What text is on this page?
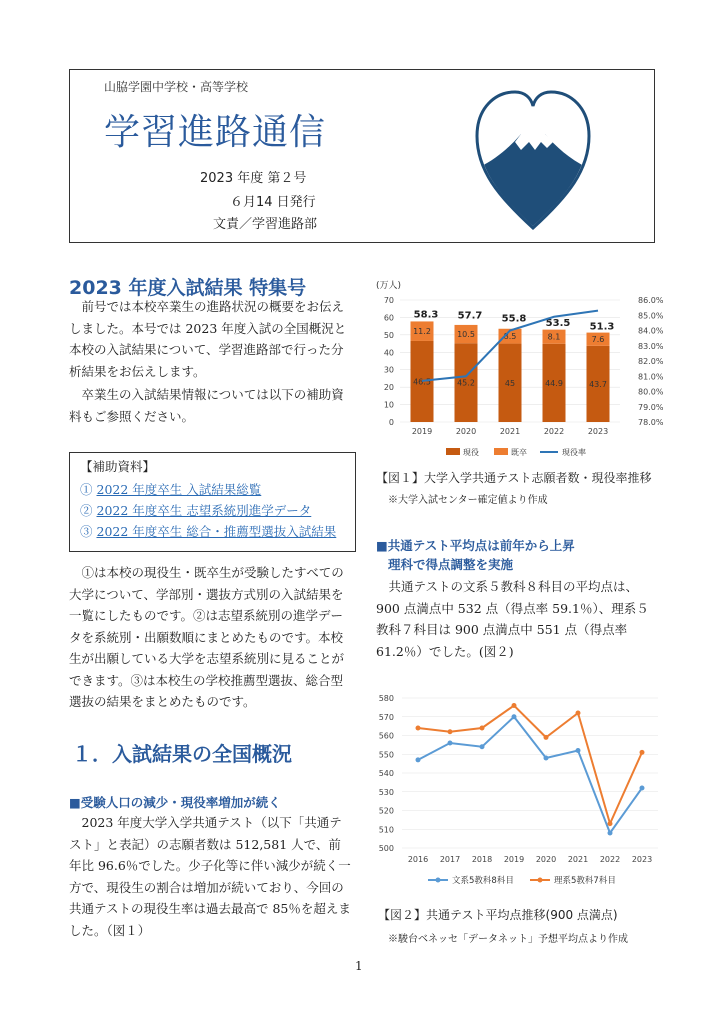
山脇学園中学校・高等学校
学習進路通信
2023 年度 第２号
６月14 日発行
文責／学習進路部
2023 年度入試結果 特集号

前号では本校卒業生の進路状況の概要をお伝えしました。本号では 2023 年度入試の全国概況と本校の入試結果について、学習進路部で行った分析結果をお伝えします。

卒業生の入試結果情報については以下の補助資料もご参照ください。

【補助資料】
① 2022 年度卒生 入試結果総覧
② 2022 年度卒生 志望系統別進学データ
③ 2022 年度卒生 総合・推薦型選抜入試結果

①は本校の現役生・既卒生が受験したすべての大学について、学部別・選抜方式別の入試結果を一覧にしたものです。②は志望系統別の進学データを系統別・出願数順にまとめたものです。本校生が出願している大学を志望系統別に見ることができます。③は本校生の学校推薦型選抜、総合型選抜の結果をまとめたものです。

１．入試結果の全国概況
■受験人口の減少・現役率増加が続く

2023 年度大学入学共通テスト（以下「共通テスト」と表記）の志願者数は 512,581 人で、前年比 96.6％でした。少子化等に伴い減少が続く一方で、現役生の割合は増加が続いており、今回の共通テストの現役生率は過去最高で 85％を超えました。（図１）

(万人)
0
10
20
30
40
50
60
70
78.0%
79.0%
80.0%
81.0%
82.0%
83.0%
84.0%
85.0%
86.0%
46.5
11.2
58.3
2019
45.2
10.5
57.7
2020
45
8.5
55.8
2021
44.9
8.1
53.5
2022
43.7
7.6
51.3
2023
現役	既卒	現役率
【図１】大学入学共通テスト志願者数・現役率推移
※大学入試センター確定値より作成
■共通テスト平均点は前年から上昇
理科で得点調整を実施

共通テストの文系５教科８科目の平均点は、900 点満点中 532 点（得点率 59.1％）、理系５教科７科目は 900 点満点中 551 点（得点率 61.2％）でした。(図２)

500
510
520
530
540
550
560
570
580
2016 2017 2018 2019 2020 2021 2022 2023
文系5教科8科目	理系5教科7科目
【図２】共通テスト平均点推移(900 点満点)
※駿台ベネッセ「データネット」予想平均点より作成
1
